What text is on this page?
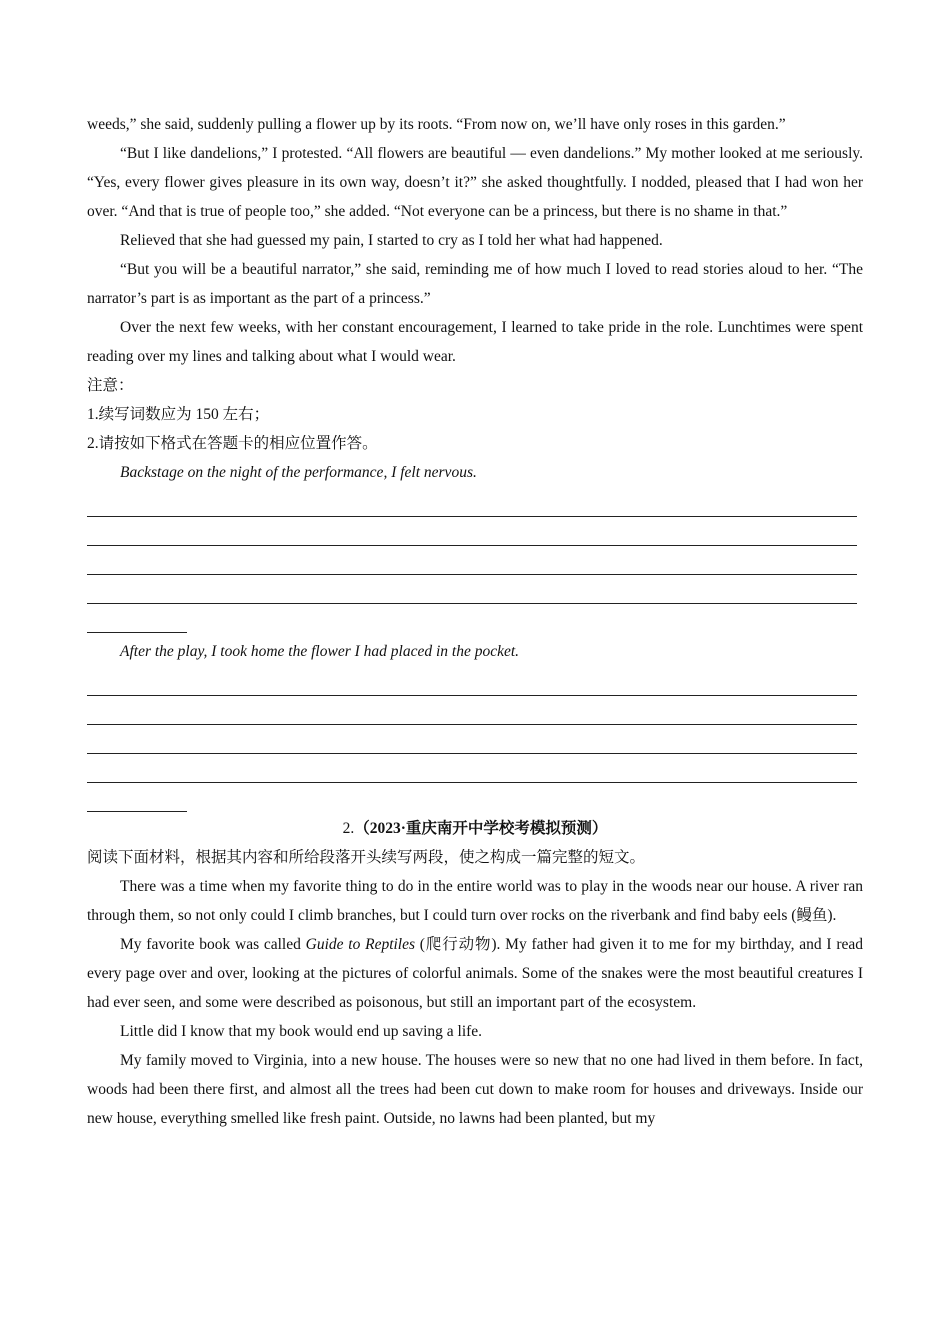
weeds,” she said, suddenly pulling a flower up by its roots. “From now on, we’ll have only roses in this garden.”

“But I like dandelions,” I protested. “All flowers are beautiful — even dandelions.” My mother looked at me seriously. “Yes, every flower gives pleasure in its own way, doesn’t it?” she asked thoughtfully. I nodded, pleased that I had won her over. “And that is true of people too,” she added. “Not everyone can be a princess, but there is no shame in that.”

Relieved that she had guessed my pain, I started to cry as I told her what had happened.

“But you will be a beautiful narrator,” she said, reminding me of how much I loved to read stories aloud to her. “The narrator’s part is as important as the part of a princess.”

Over the next few weeks, with her constant encouragement, I learned to take pride in the role. Lunchtimes were spent reading over my lines and talking about what I would wear.

注意：

1.续写词数应为 150 左右；

2.请按如下格式在答题卡的相应位置作答。

Backstage on the night of the performance, I felt nervous.

After the play, I took home the flower I had placed in the pocket.

2.（2023·重庆南开中学校考模拟预测）

阅读下面材料，根据其内容和所给段落开头续写两段，使之构成一篇完整的短文。

There was a time when my favorite thing to do in the entire world was to play in the woods near our house. A river ran through them, so not only could I climb branches, but I could turn over rocks on the riverbank and find baby eels (鳗鱼).

My favorite book was called Guide to Reptiles (爬行动物). My father had given it to me for my birthday, and I read every page over and over, looking at the pictures of colorful animals. Some of the snakes were the most beautiful creatures I had ever seen, and some were described as poisonous, but still an important part of the ecosystem.

Little did I know that my book would end up saving a life.

My family moved to Virginia, into a new house. The houses were so new that no one had lived in them before. In fact, woods had been there first, and almost all the trees had been cut down to make room for houses and driveways. Inside our new house, everything smelled like fresh paint. Outside, no lawns had been planted, but my
